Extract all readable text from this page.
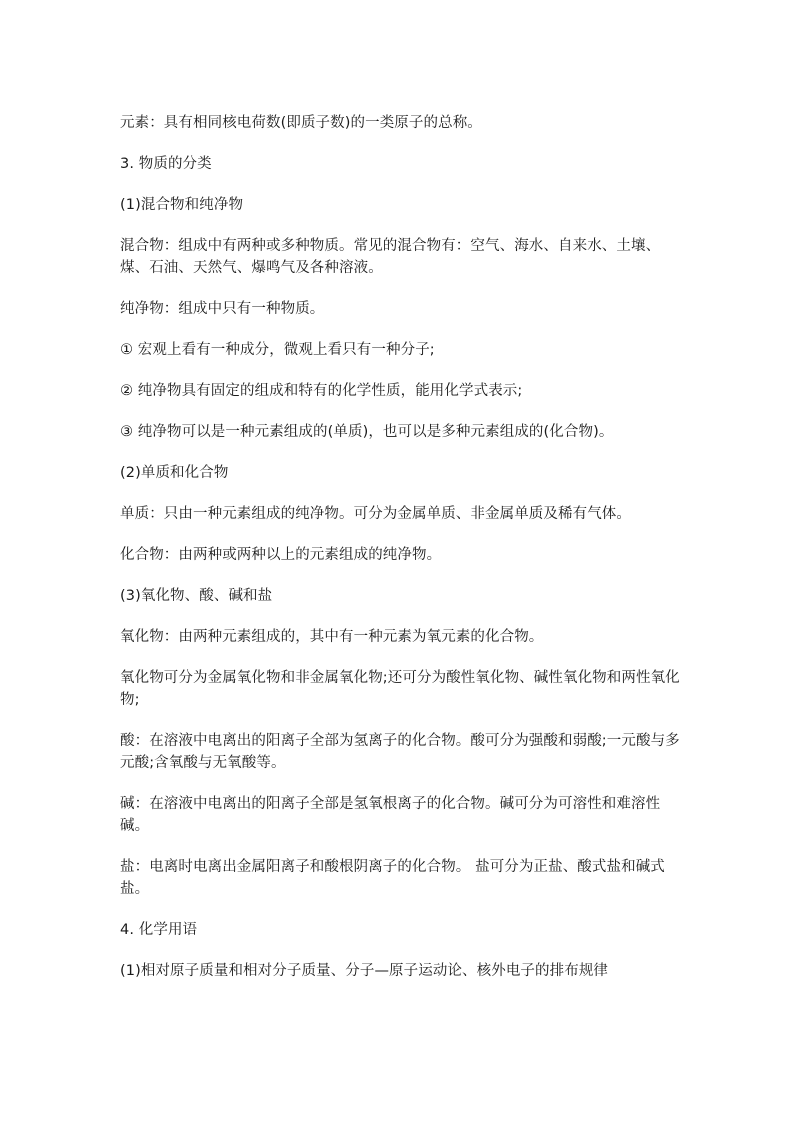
元素：具有相同核电荷数(即质子数)的一类原子的总称。

3. 物质的分类

(1)混合物和纯净物

混合物：组成中有两种或多种物质。常见的混合物有：空气、海水、自来水、土壤、煤、石油、天然气、爆鸣气及各种溶液。

纯净物：组成中只有一种物质。

① 宏观上看有一种成分，微观上看只有一种分子;

② 纯净物具有固定的组成和特有的化学性质，能用化学式表示;

③ 纯净物可以是一种元素组成的(单质)，也可以是多种元素组成的(化合物)。

(2)单质和化合物

单质：只由一种元素组成的纯净物。可分为金属单质、非金属单质及稀有气体。

化合物：由两种或两种以上的元素组成的纯净物。

(3)氧化物、酸、碱和盐

氧化物：由两种元素组成的，其中有一种元素为氧元素的化合物。

氧化物可分为金属氧化物和非金属氧化物;还可分为酸性氧化物、碱性氧化物和两性氧化物;

酸：在溶液中电离出的阳离子全部为氢离子的化合物。酸可分为强酸和弱酸;一元酸与多元酸;含氧酸与无氧酸等。

碱：在溶液中电离出的阳离子全部是氢氧根离子的化合物。碱可分为可溶性和难溶性碱。

盐：电离时电离出金属阳离子和酸根阴离子的化合物。 盐可分为正盐、酸式盐和碱式盐。

4. 化学用语

(1)相对原子质量和相对分子质量、分子—原子运动论、核外电子的排布规律
